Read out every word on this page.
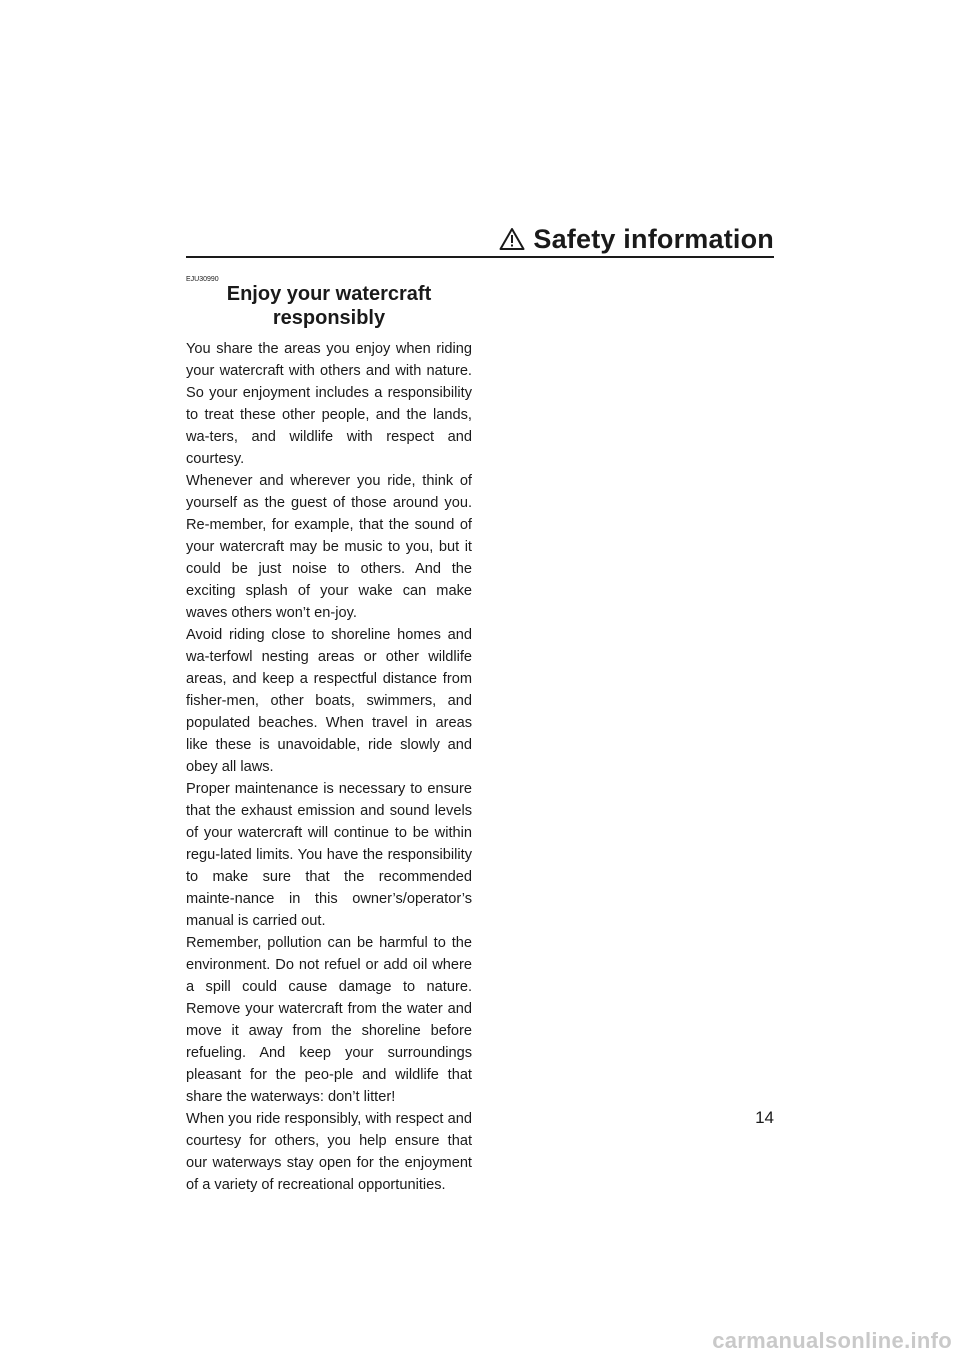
Safety information
EJU30990
Enjoy your watercraft responsibly

You share the areas you enjoy when riding your watercraft with others and with nature. So your enjoyment includes a responsibility to treat these other people, and the lands, wa-ters, and wildlife with respect and courtesy.

Whenever and wherever you ride, think of yourself as the guest of those around you. Re-member, for example, that the sound of your watercraft may be music to you, but it could be just noise to others. And the exciting splash of your wake can make waves others won’t en-joy.

Avoid riding close to shoreline homes and wa-terfowl nesting areas or other wildlife areas, and keep a respectful distance from fisher-men, other boats, swimmers, and populated beaches. When travel in areas like these is unavoidable, ride slowly and obey all laws.

Proper maintenance is necessary to ensure that the exhaust emission and sound levels of your watercraft will continue to be within regu-lated limits. You have the responsibility to make sure that the recommended mainte-nance in this owner’s/operator’s manual is carried out.

Remember, pollution can be harmful to the environment. Do not refuel or add oil where a spill could cause damage to nature. Remove your watercraft from the water and move it away from the shoreline before refueling. And keep your surroundings pleasant for the peo-ple and wildlife that share the waterways: don’t litter!

When you ride responsibly, with respect and courtesy for others, you help ensure that our waterways stay open for the enjoyment of a variety of recreational opportunities.

14
carmanualsonline.info
